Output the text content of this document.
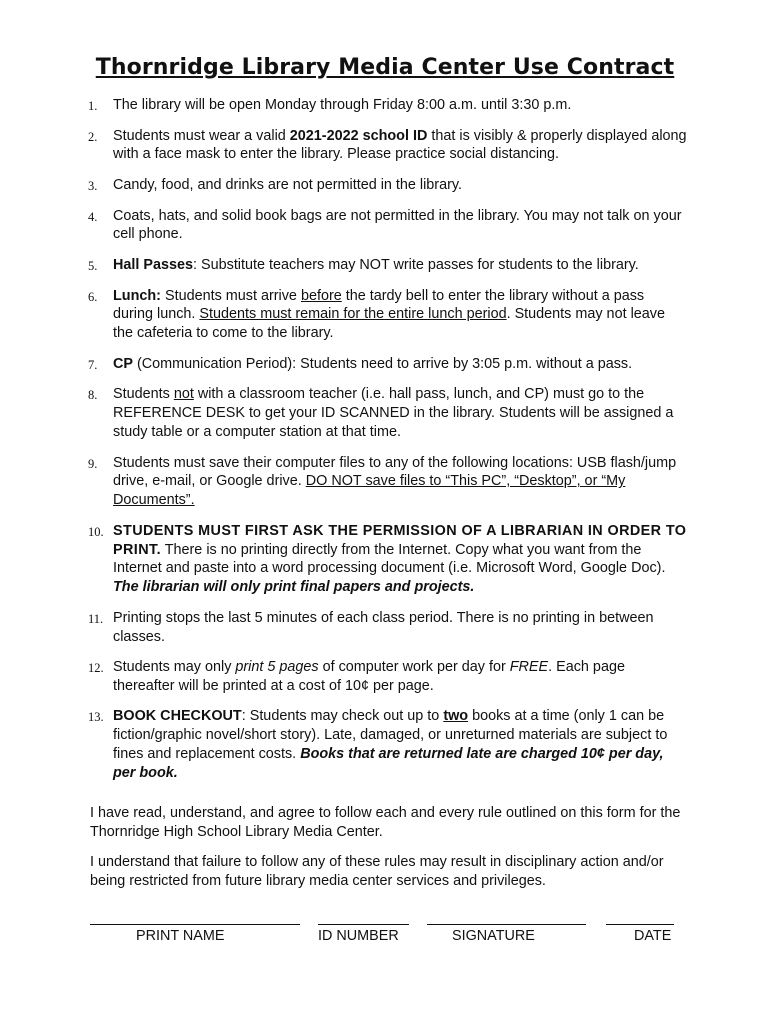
Thornridge Library Media Center Use Contract
1. The library will be open Monday through Friday 8:00 a.m. until 3:30 p.m.
2. Students must wear a valid 2021-2022 school ID that is visibly & properly displayed along with a face mask to enter the library. Please practice social distancing.
3. Candy, food, and drinks are not permitted in the library.
4. Coats, hats, and solid book bags are not permitted in the library. You may not talk on your cell phone.
5. Hall Passes: Substitute teachers may NOT write passes for students to the library.
6. Lunch: Students must arrive before the tardy bell to enter the library without a pass during lunch. Students must remain for the entire lunch period. Students may not leave the cafeteria to come to the library.
7. CP (Communication Period): Students need to arrive by 3:05 p.m. without a pass.
8. Students not with a classroom teacher (i.e. hall pass, lunch, and CP) must go to the REFERENCE DESK to get your ID SCANNED in the library. Students will be assigned a study table or a computer station at that time.
9. Students must save their computer files to any of the following locations: USB flash/jump drive, e-mail, or Google drive. DO NOT save files to “This PC”, “Desktop”, or “My Documents”.
10. STUDENTS MUST FIRST ASK THE PERMISSION OF A LIBRARIAN IN ORDER TO PRINT. There is no printing directly from the Internet. Copy what you want from the Internet and paste into a word processing document (i.e. Microsoft Word, Google Doc). The librarian will only print final papers and projects.
11. Printing stops the last 5 minutes of each class period. There is no printing in between classes.
12. Students may only print 5 pages of computer work per day for FREE. Each page thereafter will be printed at a cost of 10¢ per page.
13. BOOK CHECKOUT: Students may check out up to two books at a time (only 1 can be fiction/graphic novel/short story). Late, damaged, or unreturned materials are subject to fines and replacement costs. Books that are returned late are charged 10¢ per day, per book.

I have read, understand, and agree to follow each and every rule outlined on this form for the Thornridge High School Library Media Center.

I understand that failure to follow any of these rules may result in disciplinary action and/or being restricted from future library media center services and privileges.

PRINT NAME	ID NUMBER	SIGNATURE	DATE
